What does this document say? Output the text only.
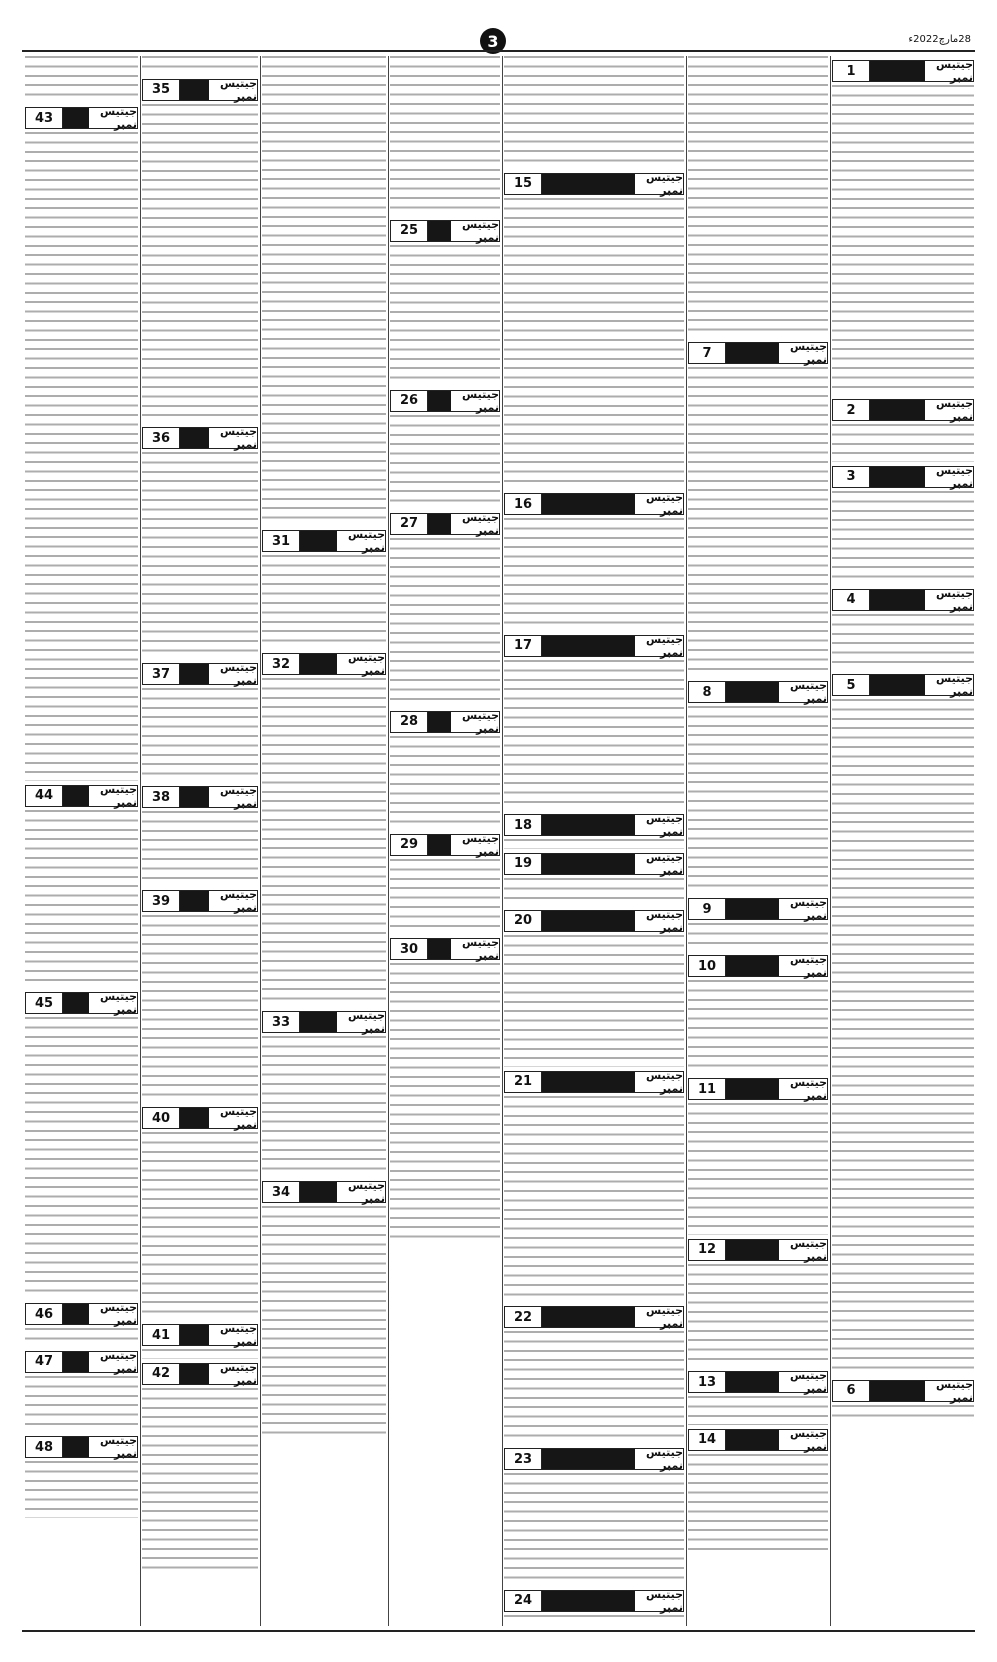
3	28مارچ2022ء
1	جیتیس نمبر
2	جیتیس نمبر
3	جیتیس نمبر
4	جیتیس نمبر
5	جیتیس نمبر
6	جیتیس نمبر
7	جیتیس نمبر
8	جیتیس نمبر
9	جیتیس نمبر
10	جیتیس نمبر
11	جیتیس نمبر
12	جیتیس نمبر
13	جیتیس نمبر
14	جیتیس نمبر
15	جیتیس نمبر
16	جیتیس نمبر
17	جیتیس نمبر
18	جیتیس نمبر
19	جیتیس نمبر
20	جیتیس نمبر
21	جیتیس نمبر
22	جیتیس نمبر
23	جیتیس نمبر
24	جیتیس نمبر
25	جیتیس نمبر
26	جیتیس نمبر
27	جیتیس نمبر
28	جیتیس نمبر
29	جیتیس نمبر
30	جیتیس نمبر
31	جیتیس نمبر
32	جیتیس نمبر
33	جیتیس نمبر
34	جیتیس نمبر
35	جیتیس نمبر
36	جیتیس نمبر
37	جیتیس نمبر
38	جیتیس نمبر
39	جیتیس نمبر
40	جیتیس نمبر
41	جیتیس نمبر
42	جیتیس نمبر
43	جیتیس نمبر
44	جیتیس نمبر
45	جیتیس نمبر
46	جیتیس نمبر
47	جیتیس نمبر
48	جیتیس نمبر
